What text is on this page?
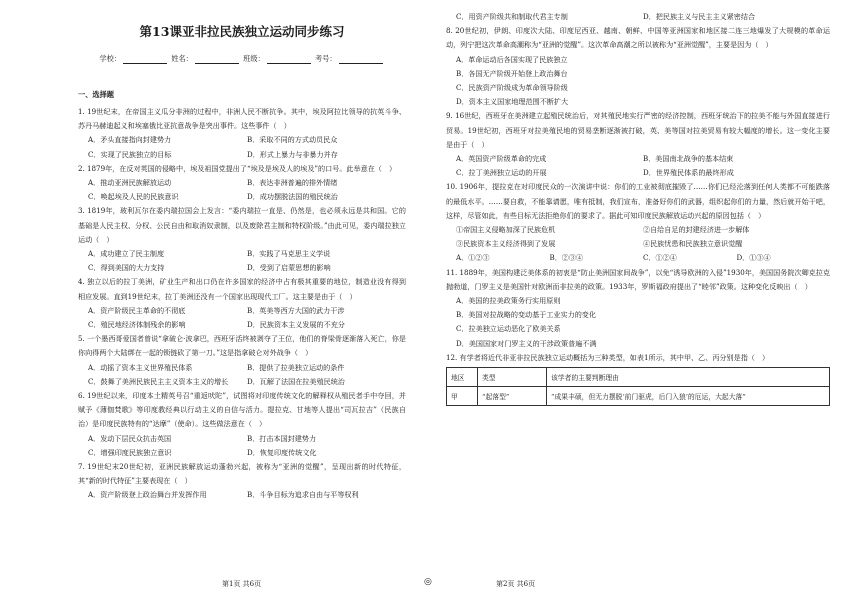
第13课亚非拉民族独立运动同步练习
学校：	姓名：	班级：	考号：
一、选择题
1. 19世纪末，在帝国主义瓜分非洲的过程中，非洲人民不断抗争。其中，埃及阿拉比领导的抗英斗争、苏丹马赫迪起义和埃塞俄比亚抗意战争是突出事件。这些事件（　）
A．矛头直接指向封建势力	B．采取不同的方式动员民众
C．实现了民族独立的目标	D．形式上暴力与非暴力并存
2. 1879年，在反对英国的侵略中，埃及祖国党提出了“埃及是埃及人的埃及”的口号。此举意在（　）
A．推动亚洲民族解放运动	B．表达非洲普遍的排外情绪
C．唤起埃及人民的民族意识	D．成功摆脱法国的殖民统治
3. 1819年，玻利瓦尔在委内瑞拉国会上发言：“委内瑞拉一直是、仍然是，也必须永远是共和国。它的基础是人民主权、分权、公民自由和取消奴隶制，以及废除君主制和特权阶级。”由此可见，委内瑞拉独立运动（　）
A．成功建立了民主制度	B．实践了马克思主义学说
C．得到美国的大力支持	D．受到了启蒙思想的影响
4. 独立以后的拉丁美洲，矿业生产和出口仍在许多国家的经济中占有极其重要的地位，制造业没有得到相应发展。直到19世纪末，拉丁美洲还没有一个国家出现现代工厂。这主要是由于（　）
A．资产阶级民主革命的不彻底	B．英美等西方大国的武力干涉
C．殖民地经济体制残余的影响	D．民族资本主义发展的不充分
5. 一个墨西哥爱国者曾说“拿破仑·波拿巴，西班牙活终被剥夺了王位，他们的脊梁骨逐渐落入死亡，你是你向得两个大陆绑在一起的锁链砍了第一刀。”这是指拿破仑对外战争（　）
A．动摇了资本主义世界殖民体系	B．提供了拉美独立运动的条件
C．鼓舞了美洲民族民主主义资本主义的增长	D．瓦解了法国在拉美殖民统治
6. 19世纪以来，印度本土精英号召“重返吠陀”，试图将对印度传统文化的解释权从殖民者手中夺回，并赋予《薄伽梵歌》等印度教经典以行动主义的自信与活力。提拉克、甘地等人提出“司瓦拉吉”（民族自治）是印度民族特有的“达摩”（使命）。这些做法意在（　）
A．发动下层民众抗击英国	B．打击本国封建势力
C．增强印度民族独立意识	D．恢复印度传统文化
7. 19世纪末20世纪初，亚洲民族解放运动蓬勃兴起，被称为“亚洲的觉醒”，呈现出新的时代特征，其“新的时代特征”主要表现在（　）
A．资产阶级登上政治舞台并发挥作用	B．斗争目标为追求自由与平等权利
C．用资产阶级共和制取代君主专制	D．把民族主义与民主主义紧密结合
8. 20世纪初，伊朗、印度次大陆、印度尼西亚、越南、朝鲜、中国等亚洲国家和地区接二连三地爆发了大规模的革命运动，列宁把这次革命高潮称为“亚洲的觉醒”。这次革命高潮之所以被称为“亚洲觉醒”，主要是因为（　）
A．革命运动后各国实现了民族独立
B．各国无产阶级开始登上政治舞台
C．民族资产阶级成为革命领导阶级
D．资本主义国家地理范围不断扩大
9. 16世纪，西班牙在美洲建立起殖民统治后，对其殖民地实行严密的经济控制，西班牙统治下的拉美不能与外国直接进行贸易。19世纪初，西班牙对拉美殖民地的贸易垄断逐渐被打破，英、美等国对拉美贸易有较大幅度的增长。这一变化主要是由于（　）
A．英国资产阶级革命的完成	B．美国南北战争的基本结束
C．拉丁美洲独立运动的开展	D．世界殖民体系的最终形成
10. 1906年，提拉克在对印度民众的一次演讲中说：你们的工业被彻底摧毁了……你们已经沦落到任何人类都不可能跌落的最低水平。……要自救，不能靠请愿，唯有抵制，我们宣布，准备好你们的武器，组织起你们的力量，然后就开始干吧，这样，尽管如此，有些目标无法拒绝你们的要求了。据此可知印度民族解放运动兴起的原因包括（　）
①帝国主义侵略加深了民族危机	②自给自足的封建经济进一步解体
③民族资本主义经济得到了发展	④民族忧患和民族独立意识觉醒
A．①②③	B．②③④	C．①②④	D．①③④
11. 1889年，美国构建泛美体系的初衷是“防止美洲国家间战争”，以免“诱导欧洲的入侵”1930年，美国国务院次卿克拉克抛勃道，门罗主义是美国针对欧洲而非拉美的政策。1933年，罗斯福政府提出了“睦邻”政策。这种变化反映出（　）
A．美国的拉美政策务行实用原则
B．美国对拉战略的变动基于工业实力的变化
C．拉美独立运动恶化了欧美关系
D．美国国家对门罗主义的干涉政策普遍不满
12. 有学者将近代非亚非拉民族独立运动概括为三种类型，如表1所示，其中甲、乙、丙分别是指（　）
地区	类型	该学者的主要判断理由
甲	“起落型”	“成果丰硕，但无力摆脱‘前门驱虎，后门入狼’的厄运，大起大落”
第1页 共6页	◎	第2页 共6页
